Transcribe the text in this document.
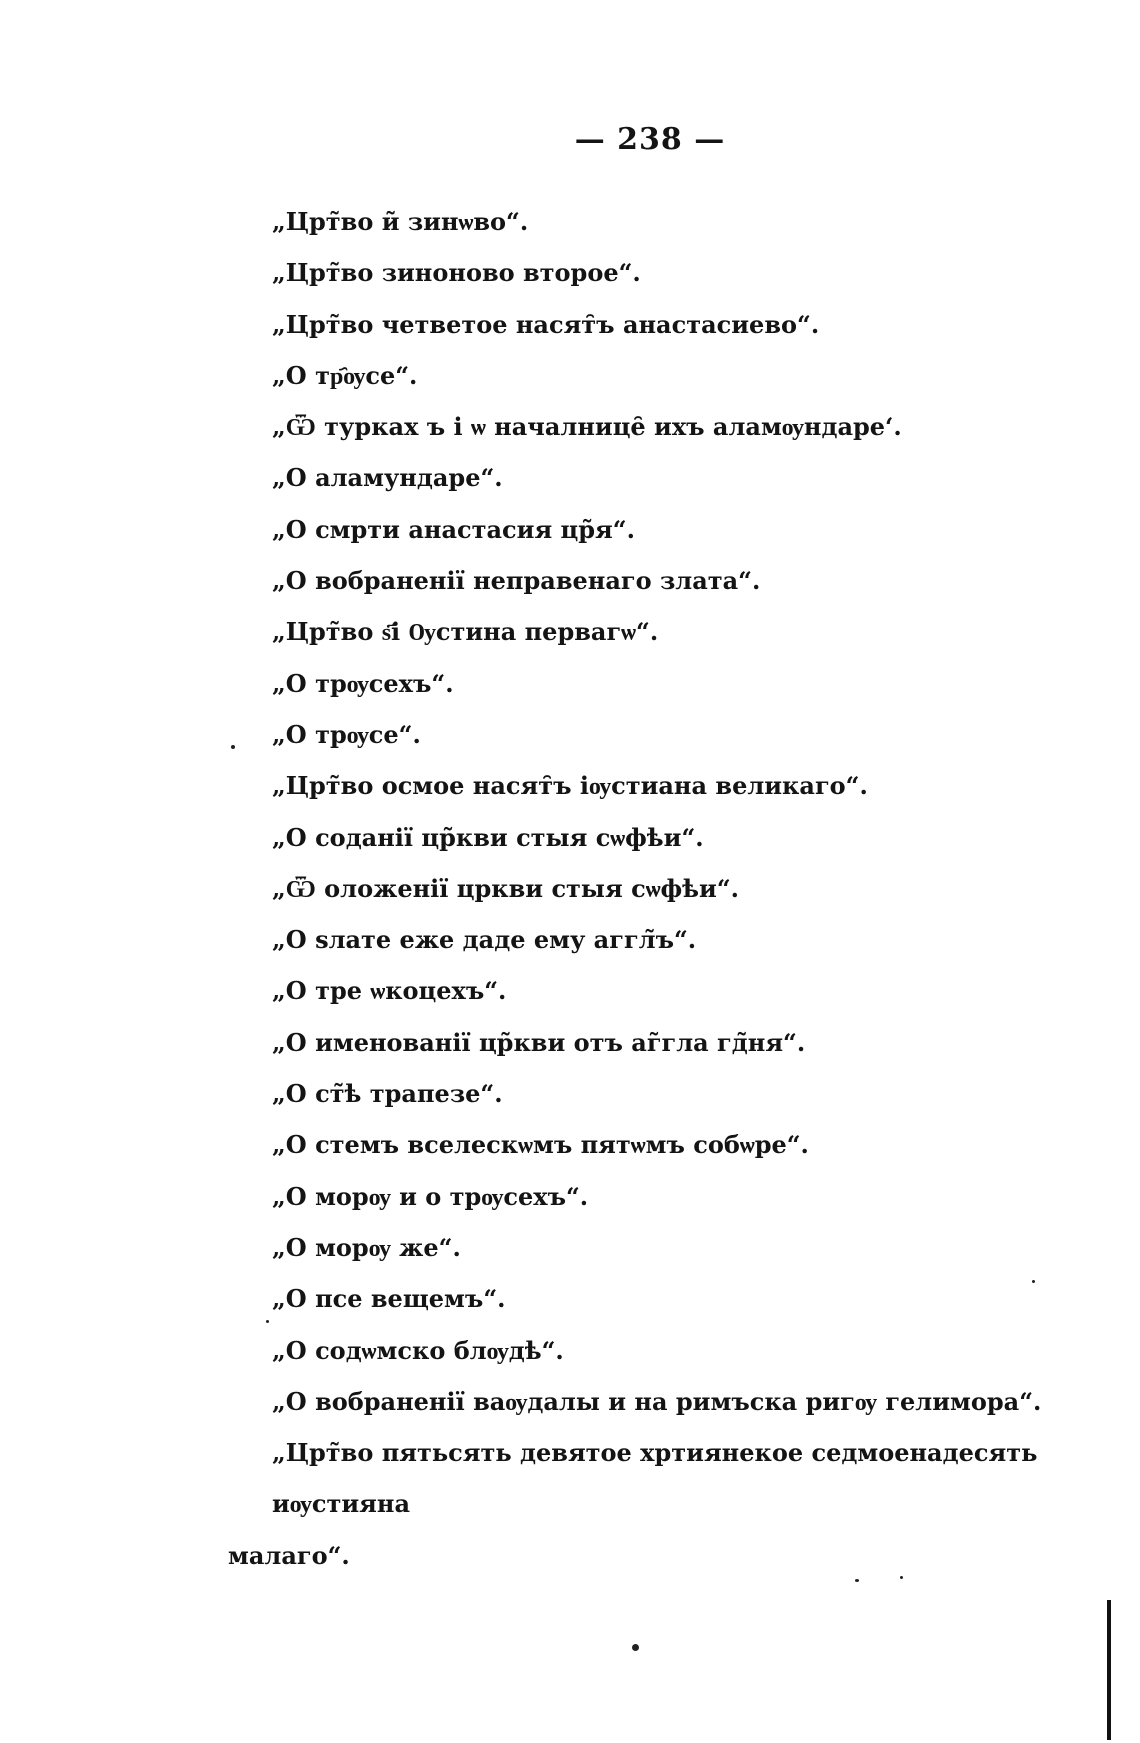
— 238 —
„Црт̃во и̃ зинѡво“.
„Црт̃во зиноново второе“.
„Црт̃во четветое насят̑ъ анастасиево“.
„О тр҄ѹсе“.
„Ѿ турках ъ і ѡ началнице̑ ихъ аламѹндаре‘.
„О аламундаре“.
„О смрти анастасия цр̃я“.
„О вобраненії неправенаго злата“.
„Црт̃во ѕ҃і Ѹстина первагѡ“.
„О трѹсехъ“.
„О трѹсе“.
„Црт̃во осмое насят̑ъ іѹстиана великаго“.
„О соданії цр̃кви стыя сѡфѣи“.
„Ѿ оложенії цркви стыя сѡфѣи“.
„О ѕлате еже даде ему аггл̃ъ“.
„О тре ѡкоцехъ“.
„О именованії цр̃кви отъ аг̃гла гд̃ня“.
„О ст̃ѣ трапезе“.
„О стемъ вселескѡмъ пятѡмъ собѡре“.
„О морѹ и о трѹсехъ“.
„О морѹ же“.
„О псе вещемъ“.
„О содѡмско блѹдѣ“.
„О вобраненії ваѹдалы и на римъска ригѹ гелимора“.
„Црт̃во пятьсять девятое хртиянекое седмоенадесять иѹстияна
малаго“.
